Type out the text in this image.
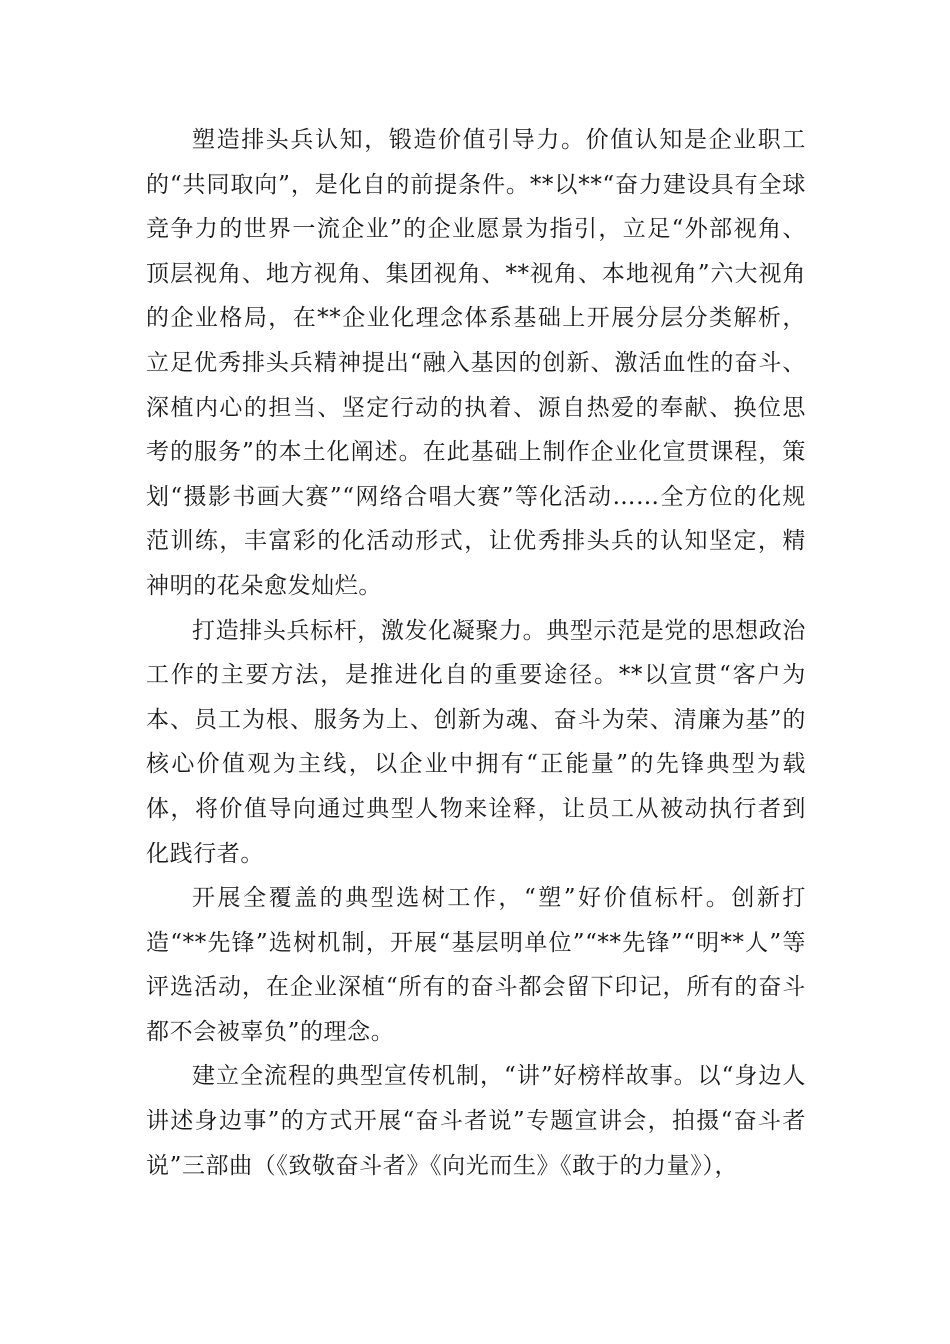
塑造排头兵认知，锻造价值引导力。价值认知是企业职工的“共同取向”，是化自的前提条件。**以**“奋力建设具有全球竞争力的世界一流企业”的企业愿景为指引，立足“外部视角、顶层视角、地方视角、集团视角、**视角、本地视角”六大视角的企业格局，在**企业化理念体系基础上开展分层分类解析，立足优秀排头兵精神提出“融入基因的创新、激活血性的奋斗、深植内心的担当、坚定行动的执着、源自热爱的奉献、换位思考的服务”的本土化阐述。在此基础上制作企业化宣贯课程，策划“摄影书画大赛”“网络合唱大赛”等化活动……全方位的化规范训练，丰富彩的化活动形式，让优秀排头兵的认知坚定，精神明的花朵愈发灿烂。

打造排头兵标杆，激发化凝聚力。典型示范是党的思想政治工作的主要方法，是推进化自的重要途径。**以宣贯“客户为本、员工为根、服务为上、创新为魂、奋斗为荣、清廉为基”的核心价值观为主线，以企业中拥有“正能量”的先锋典型为载体，将价值导向通过典型人物来诠释，让员工从被动执行者到化践行者。

开展全覆盖的典型选树工作，“塑”好价值标杆。创新打造“**先锋”选树机制，开展“基层明单位”“**先锋”“明**人”等评选活动，在企业深植“所有的奋斗都会留下印记，所有的奋斗都不会被辜负”的理念。

建立全流程的典型宣传机制，“讲”好榜样故事。以“身边人讲述身边事”的方式开展“奋斗者说”专题宣讲会，拍摄“奋斗者说”三部曲（《致敬奋斗者》《向光而生》《敢于的力量》），
